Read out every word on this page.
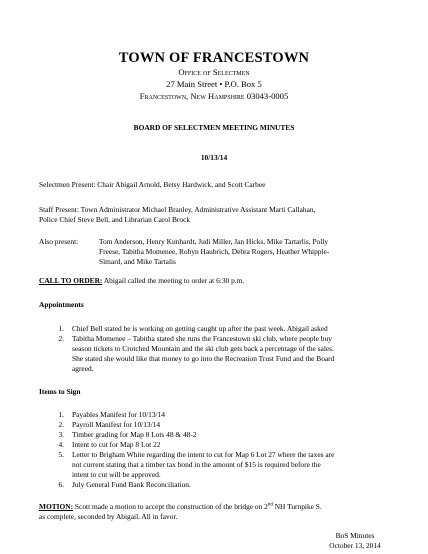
TOWN OF FRANCESTOWN
Office of Selectmen
27 Main Street • P.O. Box 5
Francestown, New Hampshire 03043-0005
BOARD OF SELECTMEN MEETING MINUTES
10/13/14
Selectmen Present: Chair Abigail Arnold, Betsy Hardwick, and Scott Carbee
Staff Present: Town Administrator Michael Branley, Administrative Assistant Marti Callahan,
Police Chief Steve Bell, and Librarian Carol Brock
Also present:	Tom Anderson, Henry Kunhardt, Judi Miller, Jan Hicks, Mike Tartarlis, Polly
Freese, Tabitha Momenee, Robyn Haubrich, Debra Rogers, Heather Whipple-
Simard, and Mike Tartalis
CALL TO ORDER: Abigail called the meeting to order at 6:30 p.m.
Appointments
1. Chief Bell stated he is working on getting caught up after the past week. Abigail asked
2. Tabitha Momenee – Tabitha stated she runs the Francestown ski club, where people buy
season tickets to Crotched Mountain and the ski club gets back a percentage of the sales.
She stated she would like that money to go into the Recreation Trust Fund and the Board
agreed.
Items to Sign
1. Payables Manifest for 10/13/14
2. Payroll Manifest for 10/13/14
3. Timber grading for Map 8 Lots 48 & 48-2
4. Intent to cut for Map 8 Lot 22
5. Letter to Brigham White regarding the intent to cut for Map 6 Lot 27 where the taxes are
not current stating that a timber tax bond in the amount of $15 is required before the
intent to cut will be approved.
6. July General Fund Bank Reconciliation.
MOTION: Scott made a motion to accept the construction of the bridge on 2nd NH Turnpike S.
as complete, seconded by Abigail. All in favor.
BoS Minutes
October 13, 2014
